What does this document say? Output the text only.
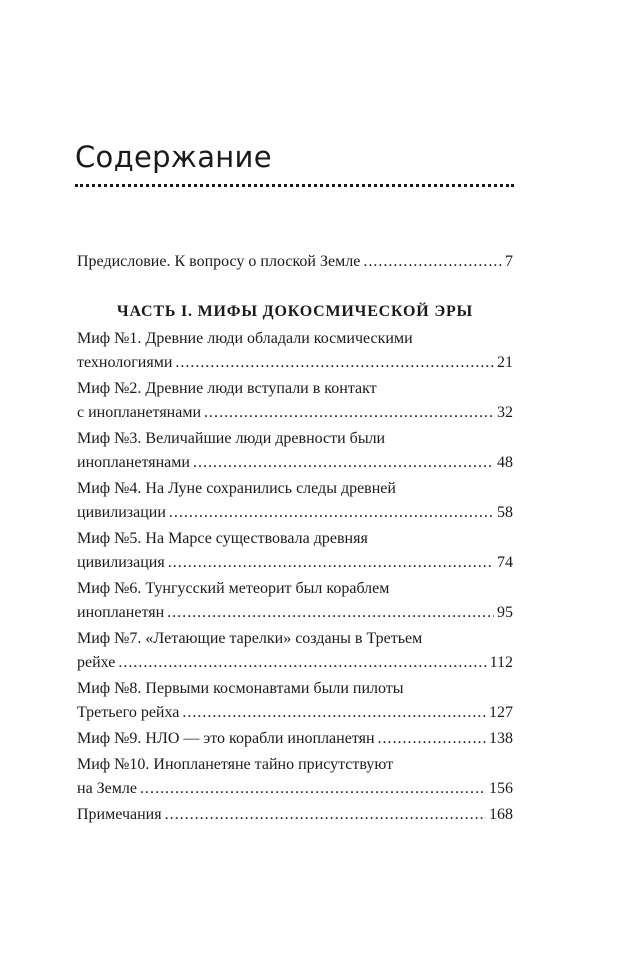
Содержание
Предисловие. К вопросу о плоской Земле .....	7
ЧАСТЬ I. МИФЫ ДОКОСМИЧЕСКОЙ ЭРЫ
Миф №1. Древние люди обладали космическими
технологиями .....	21
Миф №2. Древние люди вступали в контакт
с инопланетянами .....	32
Миф №3. Величайшие люди древности были
инопланетянами .....	48
Миф №4. На Луне сохранились следы древней
цивилизации .....	58
Миф №5. На Марсе существовала древняя
цивилизация .....	74
Миф №6. Тунгусский метеорит был кораблем
инопланетян .....	95
Миф №7. «Летающие тарелки» созданы в Третьем
рейхе .....	112
Миф №8. Первыми космонавтами были пилоты
Третьего рейха .....	127
Миф №9. НЛО — это корабли инопланетян .....	138
Миф №10. Инопланетяне тайно присутствуют
на Земле .....	156
Примечания .....	168
